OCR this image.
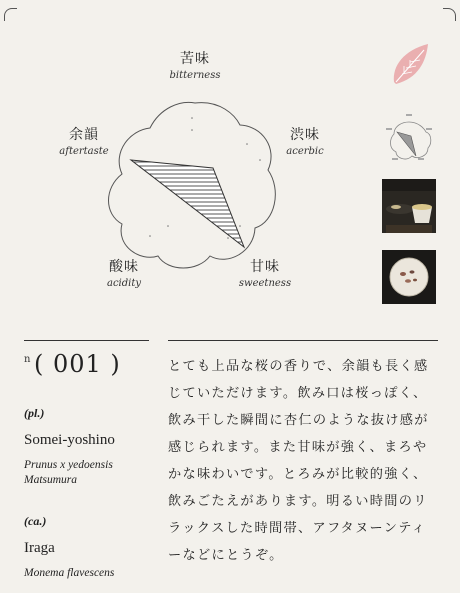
苦味
bitterness
渋味
acerbic
甘味
sweetness
酸味
acidity
余韻
aftertaste
n ( 001 )
(pl.)
Somei-yoshino
Prunus x yedoensis
Matsumura
(ca.)
Iraga
Monema flavescens
とても上品な桜の香りで、余韻も長く感じていただけます。飲み口は桜っぽく、飲み干した瞬間に杏仁のような抜け感が感じられます。また甘味が強く、まろやかな味わいです。とろみが比較的強く、飲みごたえがあります。明るい時間のリラックスした時間帯、アフタヌーンティーなどにとうぞ。
